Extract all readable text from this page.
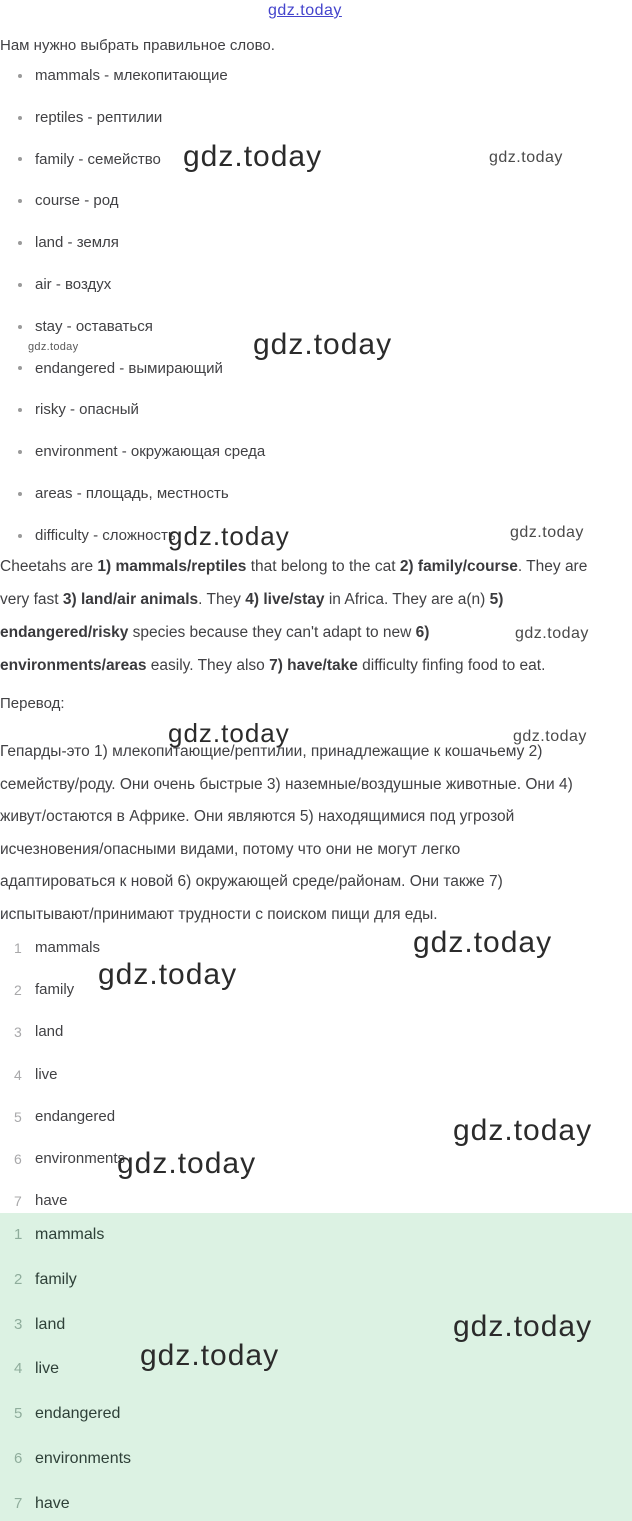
gdz.today
Нам нужно выбрать правильное слово.
mammals - млекопитающие
reptiles - рептилии
family - семейство
course - род
land - земля
air - воздух
stay - оставаться
endangered - вымирающий
risky - опасный
environment - окружающая среда
areas - площадь, местность
difficulty - сложность
Cheetahs are 1) mammals/reptiles that belong to the cat 2) family/course. They are
very fast 3) land/air animals. They 4) live/stay in Africa. They are a(n) 5)
endangered/risky species because they can't adapt to new 6)
environments/areas easily. They also 7) have/take difficulty finfing food to eat.
Перевод:
Гепарды-это 1) млекопитающие/рептилии, принадлежащие к кошачьему 2)
семейству/роду. Они очень быстрые 3) наземные/воздушные животные. Они 4)
живут/остаются в Африке. Они являются 5) находящимися под угрозой
исчезновения/опасными видами, потому что они не могут легко
адаптироваться к новой 6) окружающей среде/районам. Они также 7)
испытывают/принимают трудности с поиском пищи для еды.
1 mammals
2 family
3 land
4 live
5 endangered
6 environments
7 have
1 mammals
2 family
3 land
4 live
5 endangered
6 environments
7 have
gdz.today	gdz.today
gdz.today
gdz.today
gdz.today	gdz.today
gdz.today
gdz.today	gdz.today
gdz.today
gdz.today
gdz.today
gdz.today
gdz.today
gdz.today
